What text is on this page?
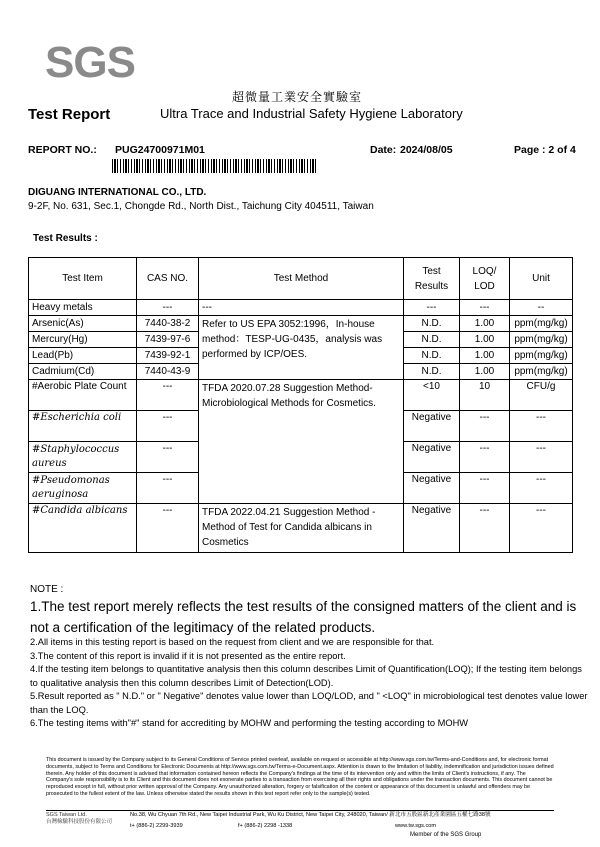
SGS
超微量工業安全實驗室
Test Report	Ultra Trace and Industrial Safety Hygiene Laboratory
REPORT NO.: PUG24700971M01	Date: 2024/08/05	Page : 2 of 4
DIGUANG INTERNATIONAL CO., LTD.
9-2F, No. 631, Sec.1, Chongde Rd., North Dist., Taichung City 404511, Taiwan
Test Results :
Test Item	CAS NO.	Test Method	Test Results	LOQ/ LOD	Unit
Heavy metals	---	---	---	---	--
Arsenic(As)	7440-38-2	Refer to US EPA 3052:1996，In-house method：TESP-UG-0435，analysis was performed by ICP/OES.	N.D.	1.00	ppm(mg/kg)
Mercury(Hg)	7439-97-6		N.D.	1.00	ppm(mg/kg)
Lead(Pb)	7439-92-1		N.D.	1.00	ppm(mg/kg)
Cadmium(Cd)	7440-43-9		N.D.	1.00	ppm(mg/kg)
#Aerobic Plate Count	---	TFDA 2020.07.28 Suggestion Method-Microbiological Methods for Cosmetics.	<10	10	CFU/g
#Escherichia coli	---		Negative	---	---
#Staphylococcus aureus	---		Negative	---	---
#Pseudomonas aeruginosa	---		Negative	---	---
#Candida albicans	---	TFDA 2022.04.21 Suggestion Method - Method of Test for Candida albicans in Cosmetics	Negative	---	---
NOTE :
1.The test report merely reflects the test results of the consigned matters of the client and is not a certification of the legitimacy of the related products.
2.All items in this testing report is based on the request from client and we are responsible for that.
3.The content of this report is invalid if it is not presented as the entire report.
4.If the testing item belongs to quantitative analysis then this column describes Limit of Quantification(LOQ); If the testing item belongs to qualitative analysis then this column describes Limit of Detection(LOD).
5.Result reported as " N.D." or " Negative" denotes value lower than LOQ/LOD, and " <LOQ" in microbiological test denotes value lower than the LOQ.
6.The testing items with"#" stand for accrediting by MOHW and performing the testing according to MOHW
This document is issued by the Company subject to its General Conditions of Service printed overleaf, available on request or accessible at http://www.sgs.com.tw/Terms-and-Conditions and, for electronic format documents, subject to Terms and Conditions for Electronic Documents at http://www.sgs.com.tw/Terms-e-Document.aspx. Attention is drawn to the limitation of liability, indemnification and jurisdiction issues defined therein. Any holder of this document is advised that information contained hereon reflects the Company's findings at the time of its intervention only and within the limits of Client's instructions, if any. The Company's sole responsibility is to its Client and this document does not exonerate parties to a transaction from exercising all their rights and obligations under the transaction documents. This document cannot be reproduced except in full, without prior written approval of the Company. Any unauthorized alteration, forgery or falsification of the content or appearance of this document is unlawful and offenders may be prosecuted to the fullest extent of the law. Unless otherwise stated the results shown in this test report refer only to the sample(s) tested.
SGS Taiwan Ltd.
台灣檢驗科技股份有限公司
No.38, Wu Chyuan 7th Rd., New Taipei Industrial Park, Wu Ku District, New Taipei City, 248020, Taiwan/ 新北市五股區新北產業園區五權七路38號
t+ (886-2) 2299-3939	f+ (886-2) 2298 -1338	www.tw.sgs.com
Member of the SGS Group
